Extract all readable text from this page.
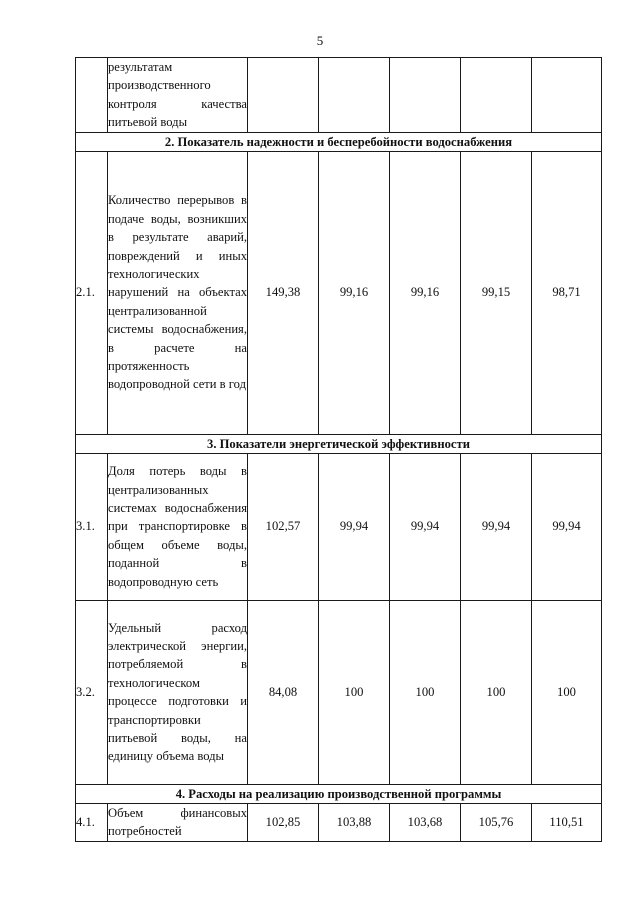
5
	результатам производственного контроля качества питьевой воды					
2. Показатель надежности и бесперебойности водоснабжения						
2.1.	Количество перерывов в подаче воды, возникших в результате аварий, повреждений и иных технологических нарушений на объектах централизованной системы водоснабжения, в расчете на протяженность водопроводной сети в год	149,38	99,16	99,16	99,15	98,71
3. Показатели энергетической эффективности						
3.1.	Доля потерь воды в централизованных системах водоснабжения при транспортировке в общем объеме воды, поданной в водопроводную сеть	102,57	99,94	99,94	99,94	99,94
3.2.	Удельный расход электрической энергии, потребляемой в технологическом процессе подготовки и транспортировки питьевой воды, на единицу объема воды	84,08	100	100	100	100
4. Расходы на реализацию производственной программы						
4.1.	Объем финансовых потребностей	102,85	103,88	103,68	105,76	110,51
